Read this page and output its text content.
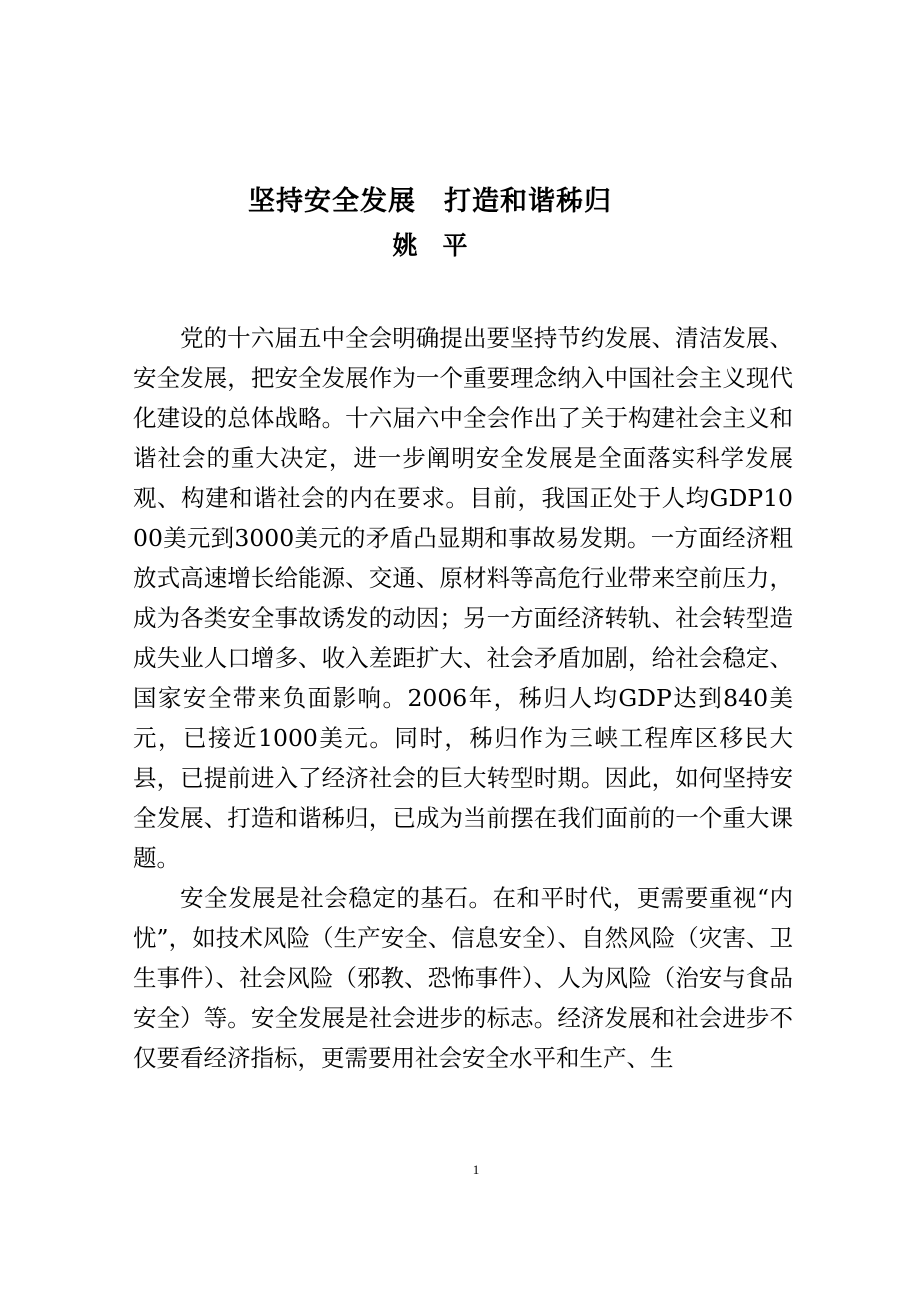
坚持安全发展　打造和谐秭归
姚　平

党的十六届五中全会明确提出要坚持节约发展、清洁发展、安全发展，把安全发展作为一个重要理念纳入中国社会主义现代化建设的总体战略。十六届六中全会作出了关于构建社会主义和谐社会的重大决定，进一步阐明安全发展是全面落实科学发展观、构建和谐社会的内在要求。目前，我国正处于人均GDP1000美元到3000美元的矛盾凸显期和事故易发期。一方面经济粗放式高速增长给能源、交通、原材料等高危行业带来空前压力，成为各类安全事故诱发的动因；另一方面经济转轨、社会转型造成失业人口增多、收入差距扩大、社会矛盾加剧，给社会稳定、国家安全带来负面影响。2006年，秭归人均GDP达到840美元，已接近1000美元。同时，秭归作为三峡工程库区移民大县，已提前进入了经济社会的巨大转型时期。因此，如何坚持安全发展、打造和谐秭归，已成为当前摆在我们面前的一个重大课题。

安全发展是社会稳定的基石。在和平时代，更需要重视“内忧”，如技术风险（生产安全、信息安全）、自然风险（灾害、卫生事件）、社会风险（邪教、恐怖事件）、人为风险（治安与食品安全）等。安全发展是社会进步的标志。经济发展和社会进步不仅要看经济指标，更需要用社会安全水平和生产、生

1
